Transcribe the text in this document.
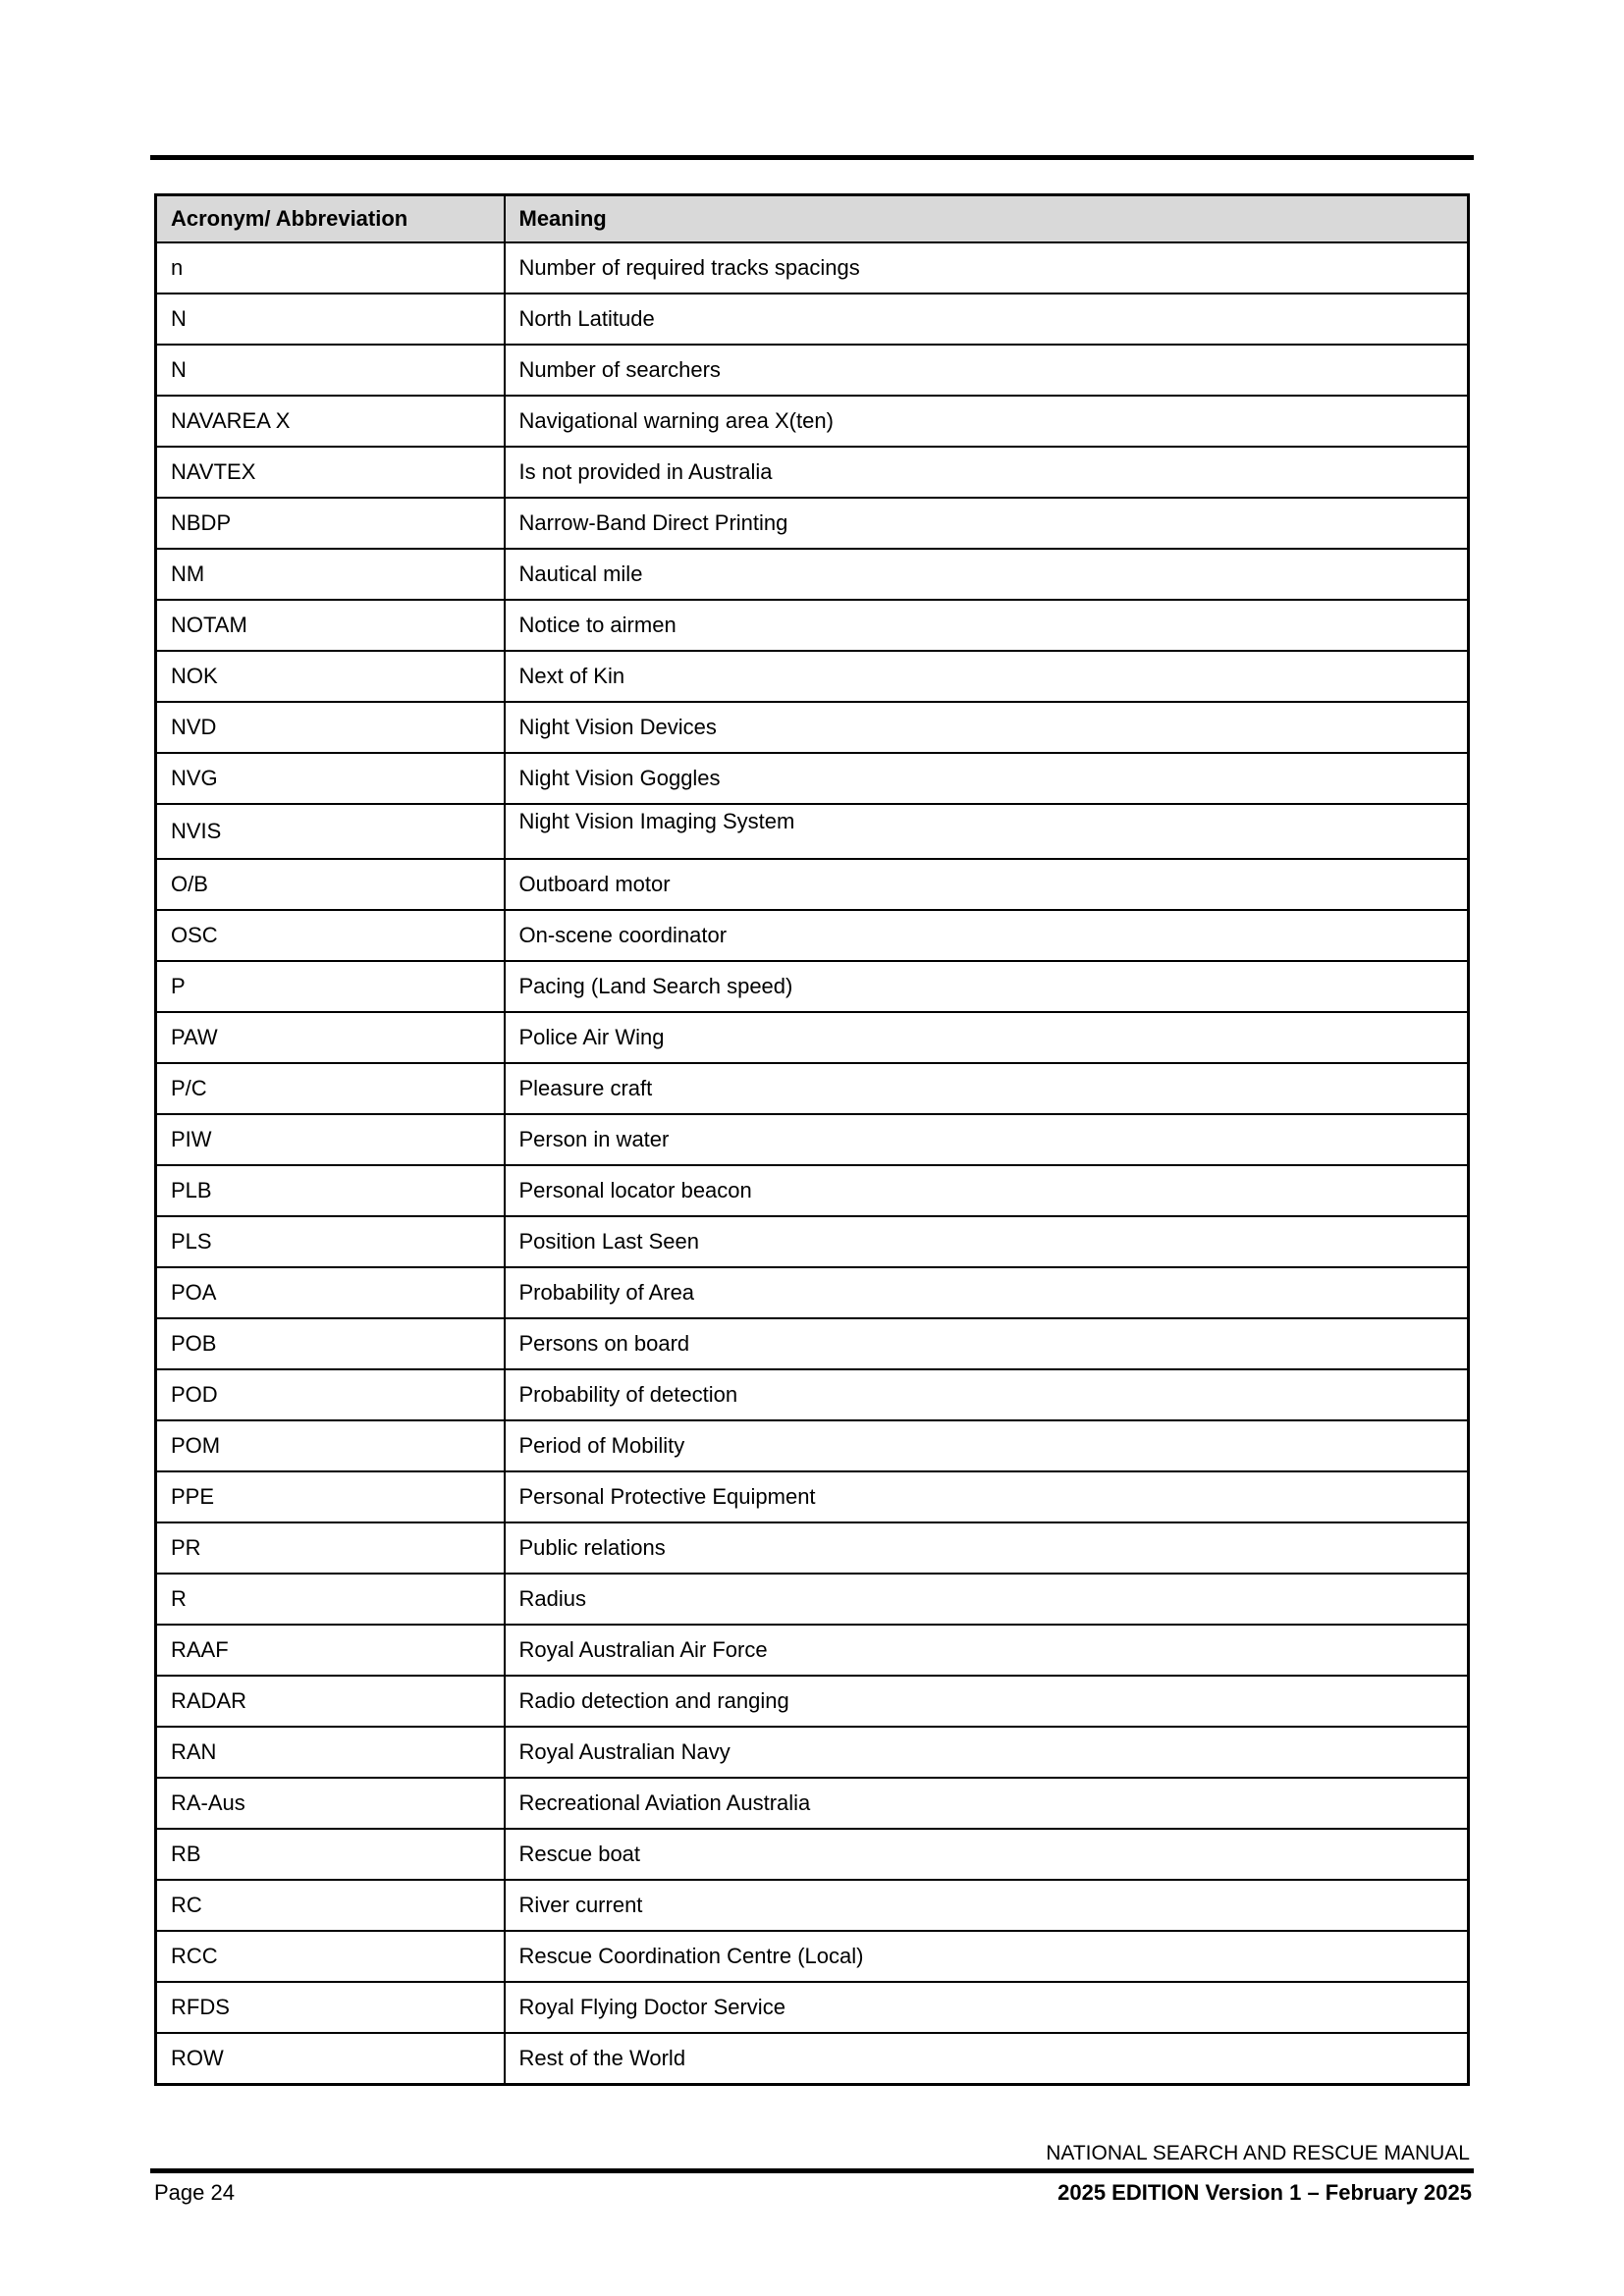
Acronym/ Abbreviation	Meaning
n	Number of required tracks spacings
N	North Latitude
N	Number of searchers
NAVAREA X	Navigational warning area X(ten)
NAVTEX	Is not provided in Australia
NBDP	Narrow-Band Direct Printing
NM	Nautical mile
NOTAM	Notice to airmen
NOK	Next of Kin
NVD	Night Vision Devices
NVG	Night Vision Goggles
NVIS	Night Vision Imaging System
O/B	Outboard motor
OSC	On-scene coordinator
P	Pacing (Land Search speed)
PAW	Police Air Wing
P/C	Pleasure craft
PIW	Person in water
PLB	Personal locator beacon
PLS	Position Last Seen
POA	Probability of Area
POB	Persons on board
POD	Probability of detection
POM	Period of Mobility
PPE	Personal Protective Equipment
PR	Public relations
R	Radius
RAAF	Royal Australian Air Force
RADAR	Radio detection and ranging
RAN	Royal Australian Navy
RA-Aus	Recreational Aviation Australia
RB	Rescue boat
RC	River current
RCC	Rescue Coordination Centre (Local)
RFDS	Royal Flying Doctor Service
ROW	Rest of the World
NATIONAL SEARCH AND RESCUE MANUAL
Page 24	2025 EDITION Version 1 – February 2025
